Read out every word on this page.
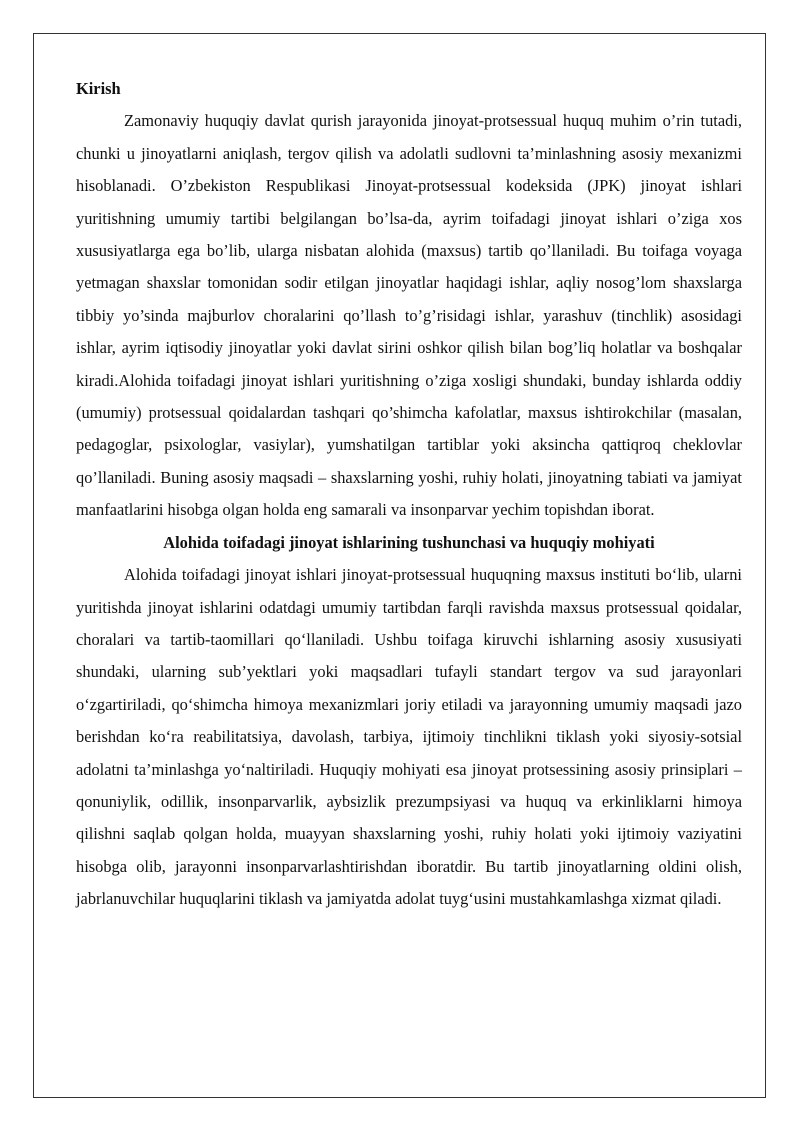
Kirish

Zamonaviy huquqiy davlat qurish jarayonida jinoyat-protsessual huquq muhim o’rin tutadi, chunki u jinoyatlarni aniqlash, tergov qilish va adolatli sudlovni ta’minlashning asosiy mexanizmi hisoblanadi. O’zbekiston Respublikasi Jinoyat-protsessual kodeksida (JPK) jinoyat ishlari yuritishning umumiy tartibi belgilangan bo’lsa-da, ayrim toifadagi jinoyat ishlari o’ziga xos xususiyatlarga ega bo’lib, ularga nisbatan alohida (maxsus) tartib qo’llaniladi. Bu toifaga voyaga yetmagan shaxslar tomonidan sodir etilgan jinoyatlar haqidagi ishlar, aqliy nosog’lom shaxslarga tibbiy yo’sinda majburlov choralarini qo’llash to’g’risidagi ishlar, yarashuv (tinchlik) asosidagi ishlar, ayrim iqtisodiy jinoyatlar yoki davlat sirini oshkor qilish bilan bog’liq holatlar va boshqalar kiradi.Alohida toifadagi jinoyat ishlari yuritishning o’ziga xosligi shundaki, bunday ishlarda oddiy (umumiy) protsessual qoidalardan tashqari qo’shimcha kafolatlar, maxsus ishtirokchilar (masalan, pedagoglar, psixologlar, vasiylar), yumshatilgan tartiblar yoki aksincha qattiqroq cheklovlar qo’llaniladi. Buning asosiy maqsadi – shaxslarning yoshi, ruhiy holati, jinoyatning tabiati va jamiyat manfaatlarini hisobga olgan holda eng samarali va insonparvar yechim topishdan iborat.

Alohida toifadagi jinoyat ishlarining tushunchasi va huquqiy mohiyati

Alohida toifadagi jinoyat ishlari jinoyat-protsessual huquqning maxsus instituti bo‘lib, ularni yuritishda jinoyat ishlarini odatdagi umumiy tartibdan farqli ravishda maxsus protsessual qoidalar, choralari va tartib-taomillari qo‘llaniladi. Ushbu toifaga kiruvchi ishlarning asosiy xususiyati shundaki, ularning sub’yektlari yoki maqsadlari tufayli standart tergov va sud jarayonlari o‘zgartiriladi, qo‘shimcha himoya mexanizmlari joriy etiladi va jarayonning umumiy maqsadi jazo berishdan ko‘ra reabilitatsiya, davolash, tarbiya, ijtimoiy tinchlikni tiklash yoki siyosiy-sotsial adolatni ta’minlashga yo‘naltiriladi. Huquqiy mohiyati esa jinoyat protsessining asosiy prinsiplari – qonuniylik, odillik, insonparvarlik, aybsizlik prezumpsiyasi va huquq va erkinliklarni himoya qilishni saqlab qolgan holda, muayyan shaxslarning yoshi, ruhiy holati yoki ijtimoiy vaziyatini hisobga olib, jarayonni insonparvarlashtirishdan iboratdir. Bu tartib jinoyatlarning oldini olish, jabrlanuvchilar huquqlarini tiklash va jamiyatda adolat tuyg‘usini mustahkamlashga xizmat qiladi.
